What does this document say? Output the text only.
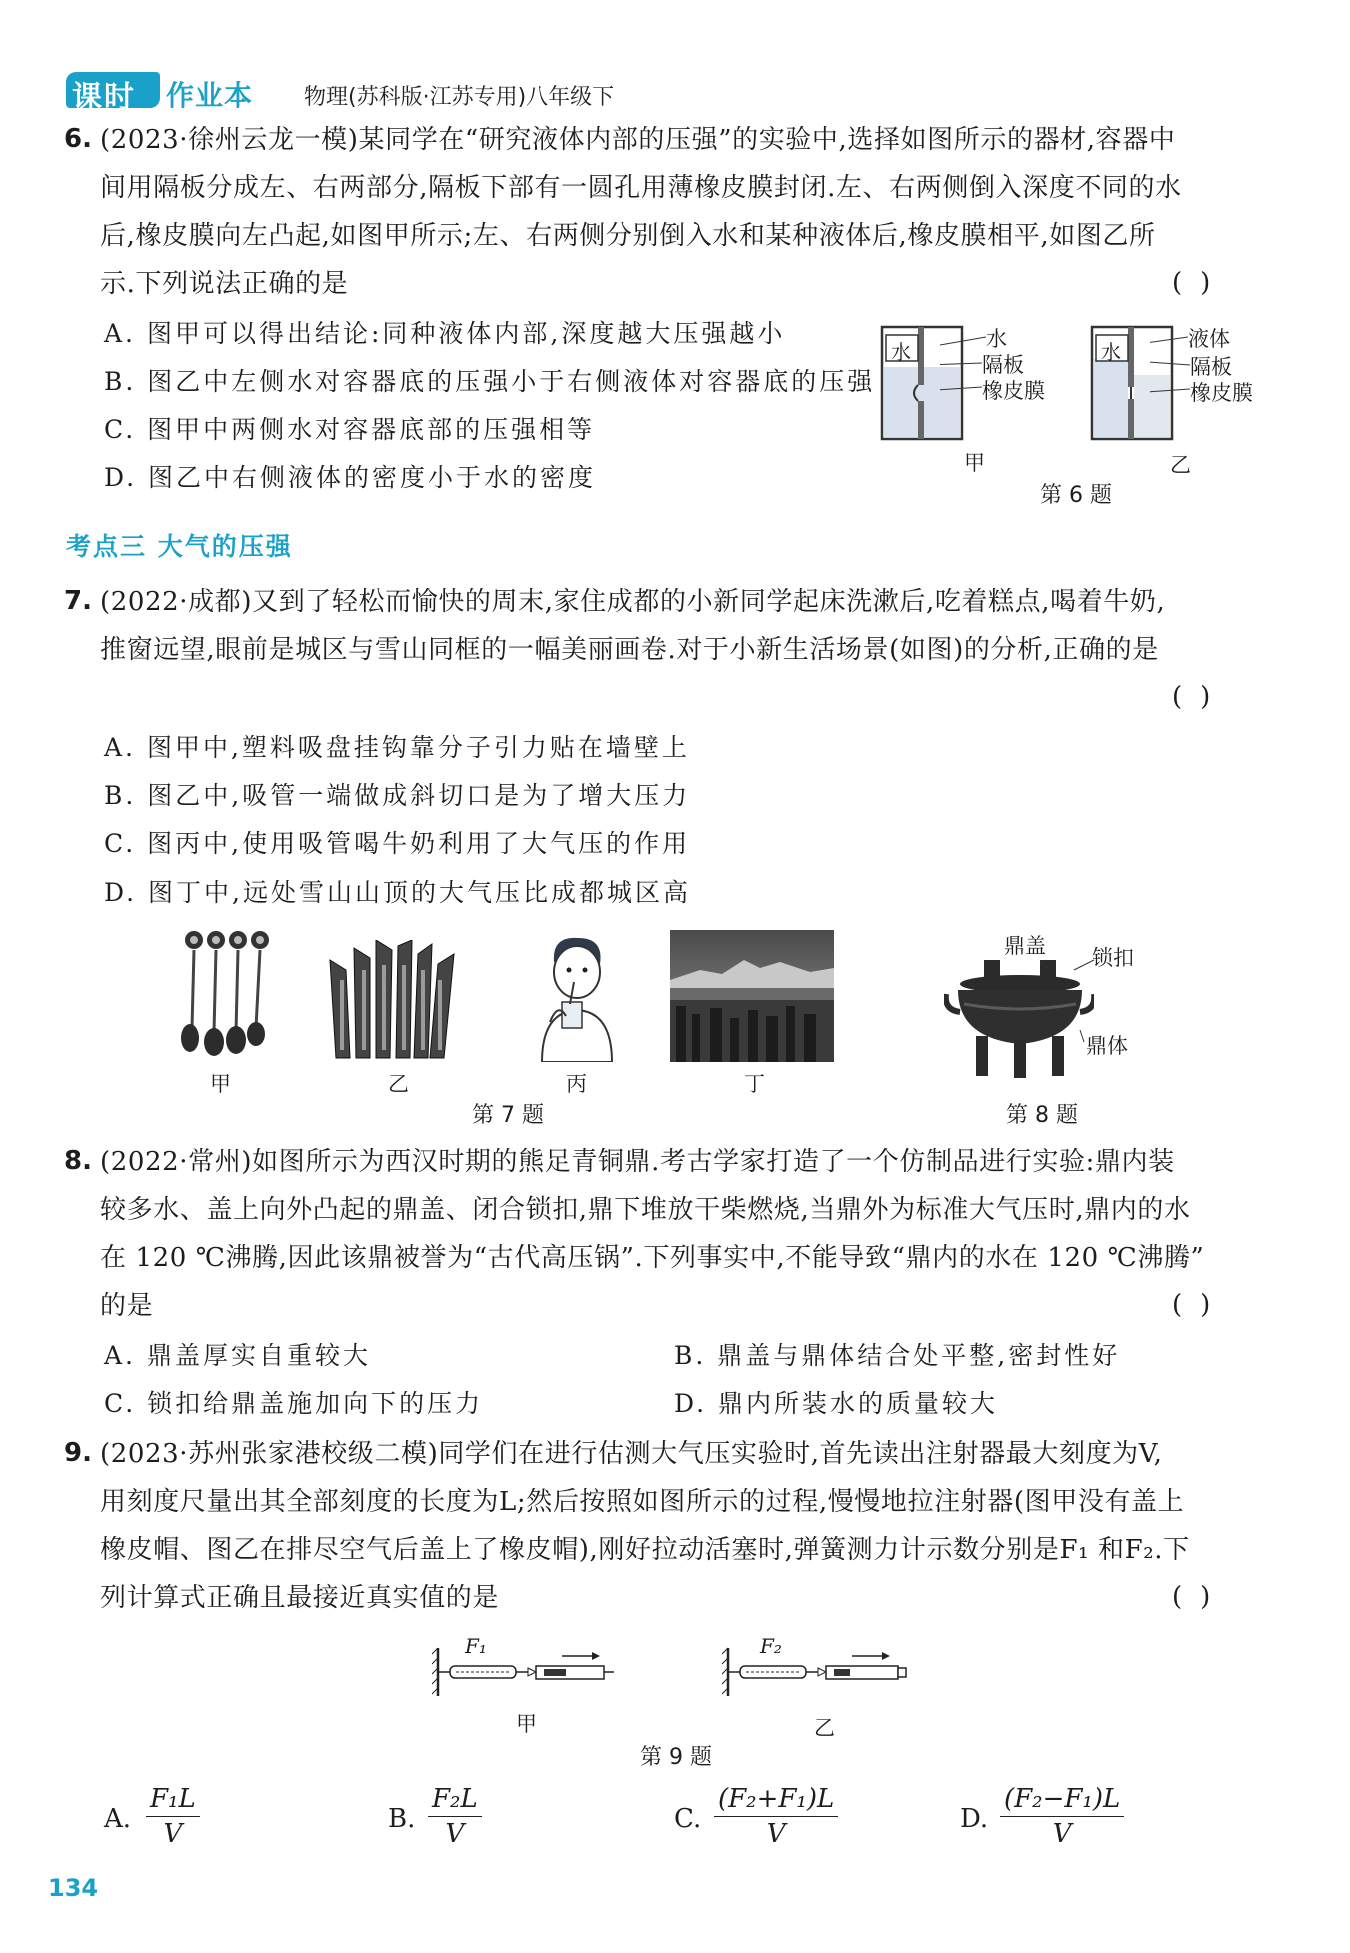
课时 作业本 物理(苏科版·江苏专用)八年级下
6. (2023·徐州云龙一模)某同学在“研究液体内部的压强”的实验中,选择如图所示的器材,容器中
间用隔板分成左、右两部分,隔板下部有一圆孔用薄橡皮膜封闭.左、右两侧倒入深度不同的水
后,橡皮膜向左凸起,如图甲所示;左、右两侧分别倒入水和某种液体后,橡皮膜相平,如图乙所
示.下列说法正确的是	()
A. 图甲可以得出结论:同种液体内部,深度越大压强越小
B. 图乙中左侧水对容器底的压强小于右侧液体对容器底的压强
C. 图甲中两侧水对容器底部的压强相等
D. 图乙中右侧液体的密度小于水的密度
水
水
隔板
橡皮膜
甲
水
液体
隔板
橡皮膜
乙
第 6 题
考点三 大气的压强
7. (2022·成都)又到了轻松而愉快的周末,家住成都的小新同学起床洗漱后,吃着糕点,喝着牛奶,
推窗远望,眼前是城区与雪山同框的一幅美丽画卷.对于小新生活场景(如图)的分析,正确的是
()
A. 图甲中,塑料吸盘挂钩靠分子引力贴在墙壁上
B. 图乙中,吸管一端做成斜切口是为了增大压力
C. 图丙中,使用吸管喝牛奶利用了大气压的作用
D. 图丁中,远处雪山山顶的大气压比成都城区高
甲	乙	丙	丁
第 7 题
鼎盖 锁扣
鼎体
第 8 题
8. (2022·常州)如图所示为西汉时期的熊足青铜鼎.考古学家打造了一个仿制品进行实验:鼎内装
较多水、盖上向外凸起的鼎盖、闭合锁扣,鼎下堆放干柴燃烧,当鼎外为标准大气压时,鼎内的水
在 120 ℃沸腾,因此该鼎被誉为“古代高压锅”.下列事实中,不能导致“鼎内的水在 120 ℃沸腾”
的是	()
A. 鼎盖厚实自重较大	B. 鼎盖与鼎体结合处平整,密封性好
C. 锁扣给鼎盖施加向下的压力	D. 鼎内所装水的质量较大
9. (2023·苏州张家港校级二模)同学们在进行估测大气压实验时,首先读出注射器最大刻度为V,
用刻度尺量出其全部刻度的长度为L;然后按照如图所示的过程,慢慢地拉注射器(图甲没有盖上
橡皮帽、图乙在排尽空气后盖上了橡皮帽),刚好拉动活塞时,弹簧测力计示数分别是F₁ 和F₂.下
列计算式正确且最接近真实值的是	()
F₁
甲
F₂
乙
第 9 题
A. $\frac{\text{F₁L}}{V}$	B. $\frac{\text{F₂L}}{V}$	C. $\frac{\text{(F₂+F₁)L}}{V}$	D. $\frac{\text{(F₂−F₁)L}}{V}$
134
